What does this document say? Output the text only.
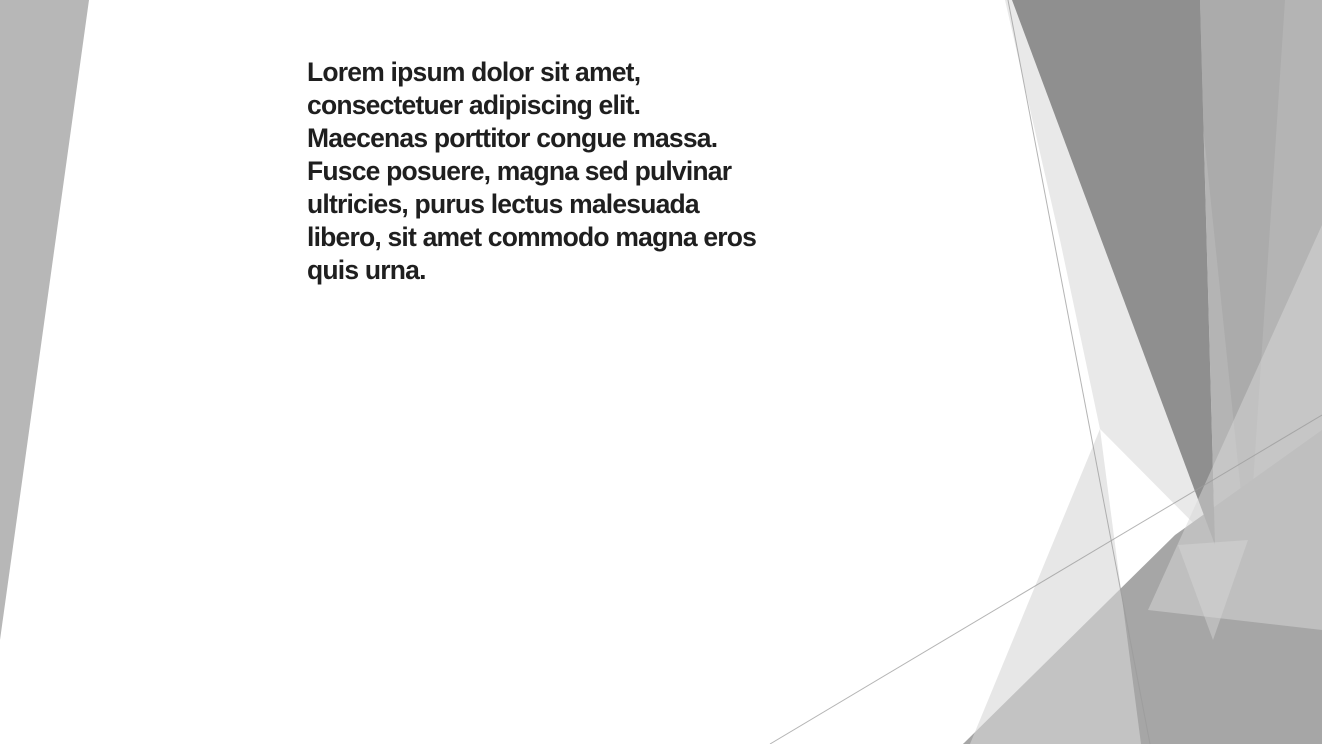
Lorem ipsum dolor sit amet,
consectetuer adipiscing elit.
Maecenas porttitor congue massa.
Fusce posuere, magna sed pulvinar
ultricies, purus lectus malesuada
libero, sit amet commodo magna eros
quis urna.
